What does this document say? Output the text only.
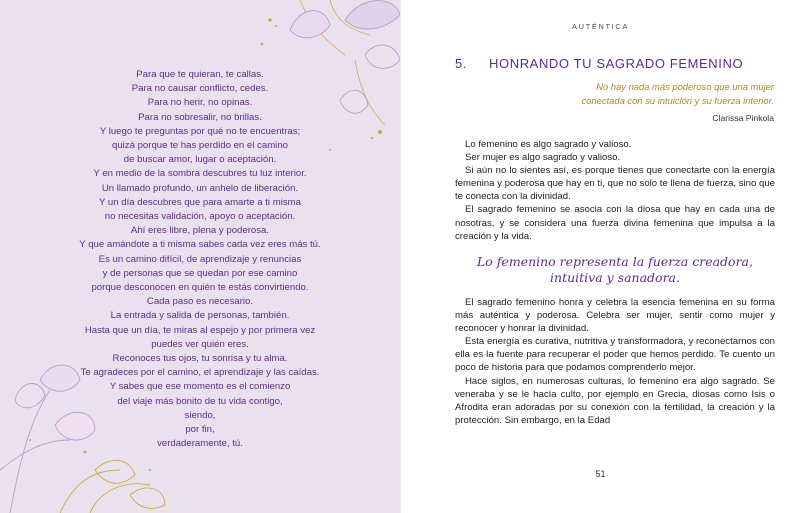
Para que te quieran, te callas.
Para no causar conflicto, cedes.
Para no herir, no opinas.
Para no sobresalir, no brillas.
Y luego te preguntas por qué no te encuentras;
quizá porque te has perdido en el camino
de buscar amor, lugar o aceptación.
Y en medio de la sombra descubres tu luz interior.
Un llamado profundo, un anhelo de liberación.
Y un día descubres que para amarte a ti misma
no necesitas validación, apoyo o aceptación.
Ahí eres libre, plena y poderosa.
Y que amándote a ti misma sabes cada vez eres más tú.
Es un camino difícil, de aprendizaje y renuncias
y de personas que se quedan por ese camino
porque desconocen en quién te estás convirtiendo.
Cada paso es necesario.
La entrada y salida de personas, también.
Hasta que un día, te miras al espejo y por primera vez
puedes ver quién eres.
Reconoces tus ojos, tu sonrisa y tu alma.
Te agradeces por el camino, el aprendizaje y las caídas.
Y sabes que ese momento es el comienzo
del viaje más bonito de tu vida contigo,
siendo,
por fin,
verdaderamente, tú.
AUTÉNTICA
5. HONRANDO TU SAGRADO FEMENINO
No hay nada más poderoso que una mujer
conectada con su intuición y su fuerza interior.
Clarissa Pinkola

Lo femenino es algo sagrado y valioso.

Ser mujer es algo sagrado y valioso.

Si aún no lo sientes así, es porque tienes que conectarte con la energía femenina y poderosa que hay en ti, que no solo te llena de fuerza, sino que te conecta con la divinidad.

El sagrado femenino se asocia con la diosa que hay en cada una de nosotras, y se considera una fuerza divina femenina que impulsa a la creación y la vida.

Lo femenino representa la fuerza creadora,
intuitiva y sanadora.

El sagrado femenino honra y celebra la esencia femenina en su forma más auténtica y poderosa. Celebra ser mujer, sentir como mujer y reconocer y honrar la divinidad.

Esta energía es curativa, nutritiva y transformadora, y reconectarnos con ella es la fuente para recuperar el poder que hemos perdido. Te cuento un poco de historia para que podamos comprenderlo mejor.

Hace siglos, en numerosas culturas, lo femenino era algo sagrado. Se veneraba y se le hacía culto, por ejemplo en Grecia, diosas como Isis o Afrodita eran adoradas por su conexión con la fertilidad, la creación y la protección. Sin embargo, en la Edad

51
